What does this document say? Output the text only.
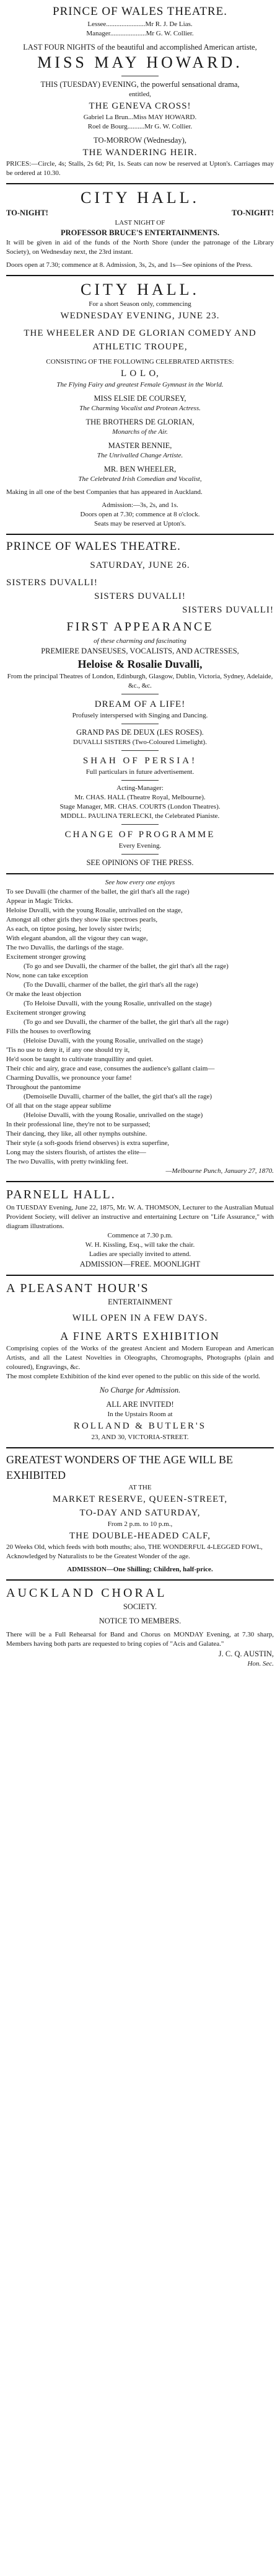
PRINCE OF WALES THEATRE.

Lessee.......................Mr R. J. De Lias.

Manager.....................Mr G. W. Collier.

LAST FOUR NIGHTS of the beautiful and accomplished American artiste,

MISS MAY HOWARD.

THIS (TUESDAY) EVENING, the powerful sensational drama,

entitled,

THE GENEVA CROSS!

Gabriel La Brun...Miss MAY HOWARD.

Roel de Bourg..........Mr G. W. Collier.

TO-MORROW (Wednesday),

THE WANDERING HEIR.

PRICES:—Circle, 4s; Stalls, 2s 6d; Pit, 1s. Seats can now be reserved at Upton's. Carriages may be ordered at 10.30.

CITY HALL.

TO-NIGHT!	TO-NIGHT!

LAST NIGHT OF

PROFESSOR BRUCE'S ENTERTAINMENTS.

It will be given in aid of the funds of the North Shore (under the patronage of the Library Society), on Wednesday next, the 23rd instant.

Doors open at 7.30; commence at 8. Admission, 3s, 2s, and 1s—See opinions of the Press.

CITY HALL.

For a short Season only, commencing

WEDNESDAY EVENING, JUNE 23.

THE WHEELER AND DE GLORIAN COMEDY AND ATHLETIC TROUPE,

CONSISTING OF THE FOLLOWING CELEBRATED ARTISTES:

L O L O,

The Flying Fairy and greatest Female Gymnast in the World.

MISS ELSIE DE COURSEY,

The Charming Vocalist and Protean Actress.

THE BROTHERS DE GLORIAN,

Monarchs of the Air.

MASTER BENNIE,

The Unrivalled Change Artiste.

MR. BEN WHEELER,

The Celebrated Irish Comedian and Vocalist,

Making in all one of the best Companies that has appeared in Auckland.

Admission:—3s, 2s, and 1s.

Doors open at 7.30; commence at 8 o'clock.

Seats may be reserved at Upton's.

PRINCE OF WALES THEATRE.

SATURDAY, JUNE 26.

SISTERS DUVALLI!

SISTERS DUVALLI!

SISTERS DUVALLI!

FIRST APPEARANCE

of these charming and fascinating

PREMIERE DANSEUSES, VOCALISTS, AND ACTRESSES,

Heloise & Rosalie Duvalli,

From the principal Theatres of London, Edinburgh, Glasgow, Dublin, Victoria, Sydney, Adelaide, &c., &c.

DREAM OF A LIFE!

Profusely interspersed with Singing and Dancing.

GRAND PAS DE DEUX (LES ROSES).

DUVALLI SISTERS (Two-Coloured Limelight).

SHAH OF PERSIA!

Full particulars in future advertisement.

Acting-Manager:

Mr. CHAS. HALL (Theatre Royal, Melbourne).

Stage Manager, MR. CHAS. COURTS (London Theatres).

MDDLL. PAULINA TERLECKI, the Celebrated Pianiste.

CHANGE OF PROGRAMME

Every Evening.

SEE OPINIONS OF THE PRESS.

See how every one enjoys

To see Duvalli (the charmer of the ballet, the girl that's all the rage)

Appear in Magic Tricks.

Heloise Duvalli, with the young Rosalie, unrivalled on the stage,

Amongst all other girls they show like spectroes pearls,

As each, on tiptoe posing, her lovely sister twirls;

With elegant abandon, all the vigour they can wage,

The two Duvallis, the darlings of the stage.

Excitement stronger growing

(To go and see Duvalli, the charmer of the ballet, the girl that's all the rage)

Now, none can take exception

(To the Duvalli, charmer of the ballet, the girl that's all the rage)

Or make the least objection

(To Heloise Duvalli, with the young Rosalie, unrivalled on the stage)

Excitement stronger growing

(To go and see Duvalli, the charmer of the ballet, the girl that's all the rage)

Fills the houses to overflowing

(Heloise Duvalli, with the young Rosalie, unrivalled on the stage)

'Tis no use to deny it, if any one should try it,

He'd soon be taught to cultivate tranquillity and quiet.

Their chic and airy, grace and ease, consumes the audience's gallant claim—

Charming Duvallis, we pronounce your fame!

Throughout the pantomime

(Demoiselle Duvalli, charmer of the ballet, the girl that's all the rage)

Of all that on the stage appear sublime

(Heloise Duvalli, with the young Rosalie, unrivalled on the stage)

In their professional line, they're not to be surpassed;

Their dancing, they like, all other nymphs outshine.

Their style (a soft-goods friend observes) is extra superfine,

Long may the sisters flourish, of artistes the elite—

The two Duvallis, with pretty twinkling feet.

—Melbourne Punch, January 27, 1870.

PARNELL HALL.

On TUESDAY Evening, June 22, 1875, Mr. W. A. THOMSON, Lecturer to the Australian Mutual Provident Society, will deliver an instructive and entertaining Lecture on "Life Assurance," with diagram illustrations.

Commence at 7.30 p.m.

W. H. Kissling, Esq., will take the chair.

Ladies are specially invited to attend.

ADMISSION—FREE. MOONLIGHT

A PLEASANT HOUR'S

ENTERTAINMENT

WILL OPEN IN A FEW DAYS.

A FINE ARTS EXHIBITION

Comprising copies of the Works of the greatest Ancient and Modern European and American Artists, and all the Latest Novelties in Oleographs, Chromographs, Photographs (plain and coloured), Engravings, &c.

The most complete Exhibition of the kind ever opened to the public on this side of the world.

No Charge for Admission.

ALL ARE INVITED!

In the Upstairs Room at

ROLLAND & BUTLER'S

23, AND 30, VICTORIA-STREET.

GREATEST WONDERS OF THE AGE WILL BE EXHIBITED

AT THE

MARKET RESERVE, QUEEN-STREET,

TO-DAY AND SATURDAY,

From 2 p.m. to 10 p.m.,

THE DOUBLE-HEADED CALF,

20 Weeks Old, which feeds with both mouths; also, THE WONDERFUL 4-LEGGED FOWL,

Acknowledged by Naturalists to be the Greatest Wonder of the age.

ADMISSION—One Shilling; Children, half-price.

AUCKLAND CHORAL

SOCIETY.

NOTICE TO MEMBERS.

There will be a Full Rehearsal for Band and Chorus on MONDAY Evening, at 7.30 sharp, Members having both parts are requested to bring copies of "Acis and Galatea."

J. C. Q. AUSTIN,

Hon. Sec.
